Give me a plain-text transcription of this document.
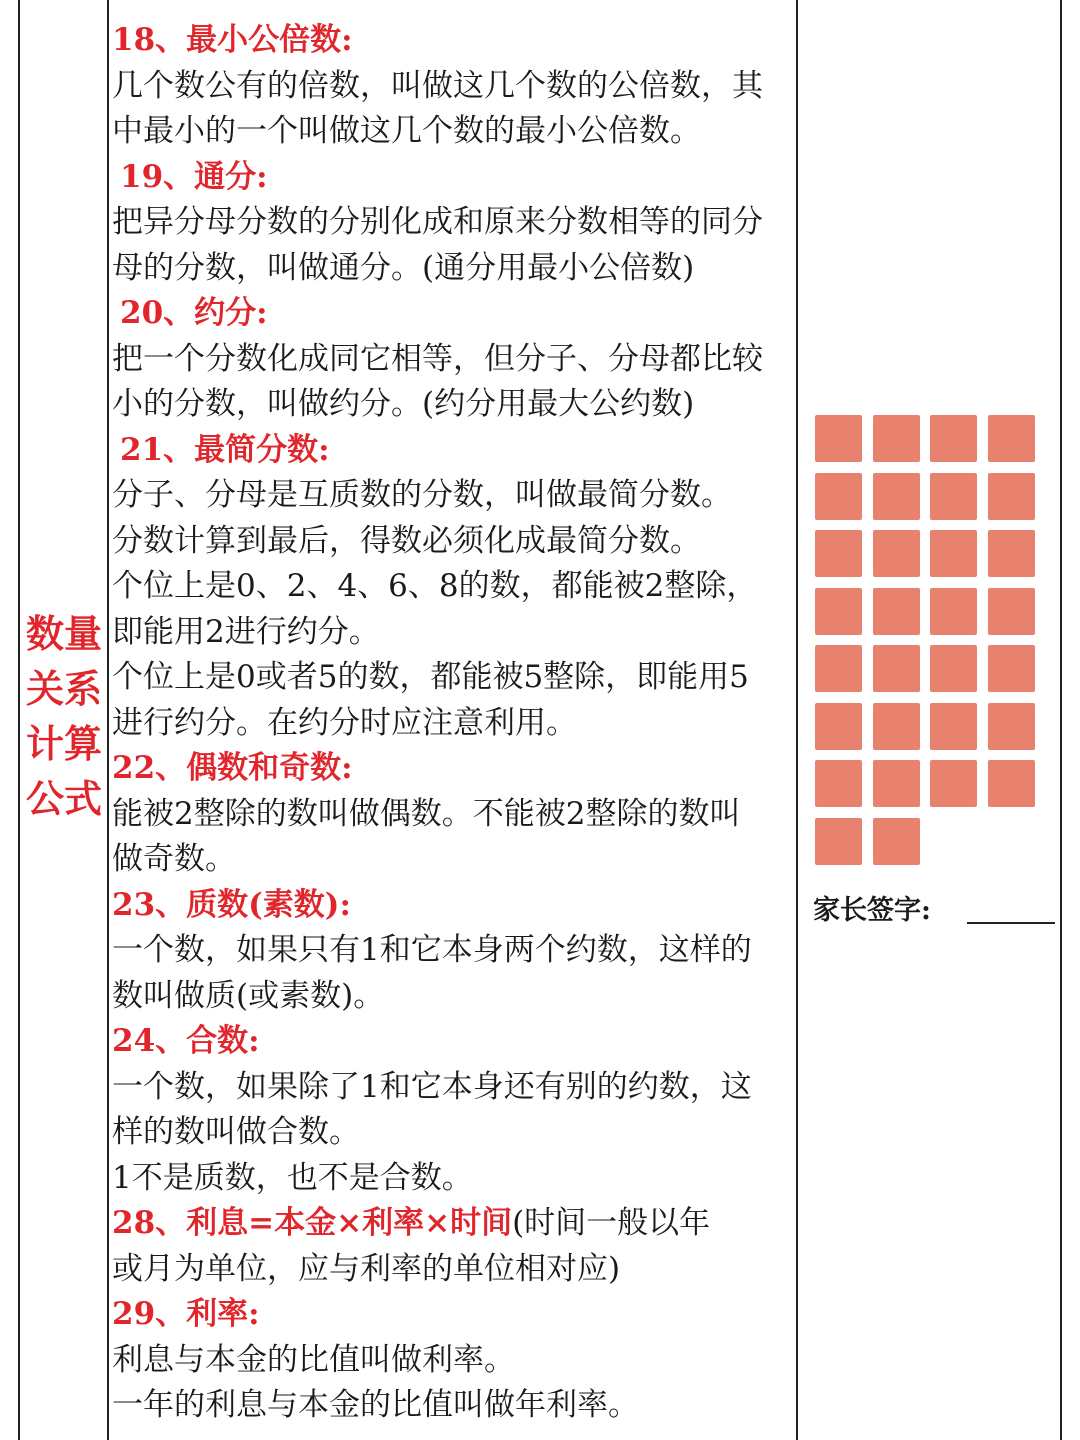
数量
关系
计算
公式
18、最小公倍数:
几个数公有的倍数，叫做这几个数的公倍数，其
中最小的一个叫做这几个数的最小公倍数。
19、通分:
把异分母分数的分别化成和原来分数相等的同分
母的分数，叫做通分。(通分用最小公倍数)
20、约分:
把一个分数化成同它相等，但分子、分母都比较
小的分数，叫做约分。(约分用最大公约数)
21、最简分数:
分子、分母是互质数的分数，叫做最简分数。
分数计算到最后，得数必须化成最简分数。
个位上是0、2、4、6、8的数，都能被2整除，
即能用2进行约分。
个位上是0或者5的数，都能被5整除，即能用5
进行约分。在约分时应注意利用。
22、偶数和奇数:
能被2整除的数叫做偶数。不能被2整除的数叫
做奇数。
23、质数(素数):
一个数，如果只有1和它本身两个约数，这样的
数叫做质(或素数)。
24、合数:
一个数，如果除了1和它本身还有别的约数，这
样的数叫做合数。
1不是质数，也不是合数。
28、利息=本金×利率×时间(时间一般以年
或月为单位，应与利率的单位相对应)
29、利率:
利息与本金的比值叫做利率。
一年的利息与本金的比值叫做年利率。
家长签字:
